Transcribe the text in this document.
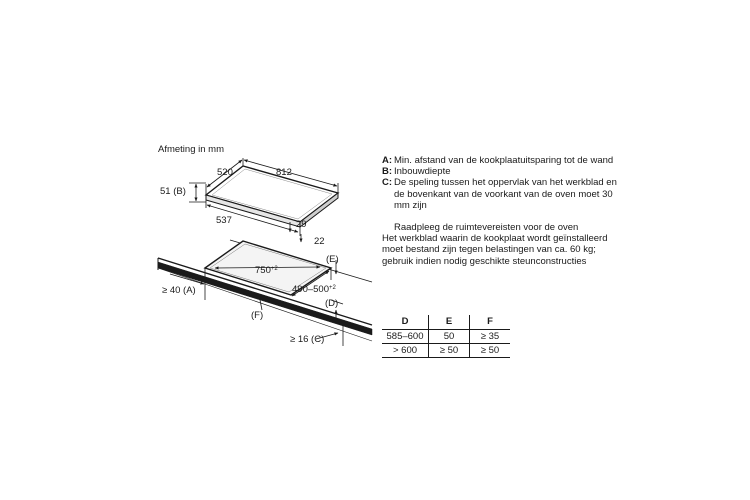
Afmeting in mm
812
520
51 (B)
537	29
22
$750^{+2}$
$490-500^{+2}$
(E)
(D)
(F)
≥ 40 (A)
≥ 16 (C)
A: Min. afstand van de kookplaatuitsparing tot de wand
B: Inbouwdiepte
C: De speling tussen het oppervlak van het werkblad en de bovenkant van de voorkant van de oven moet 30 mm zijn
Raadpleeg de ruimtevereisten voor de oven
Het werkblad waarin de kookplaat wordt geïnstalleerd moet bestand zijn tegen belastingen van ca. 60 kg; gebruik indien nodig geschikte steunconstructies
D	E	F
585–600	50	≥ 35
> 600	≥ 50	≥ 50
